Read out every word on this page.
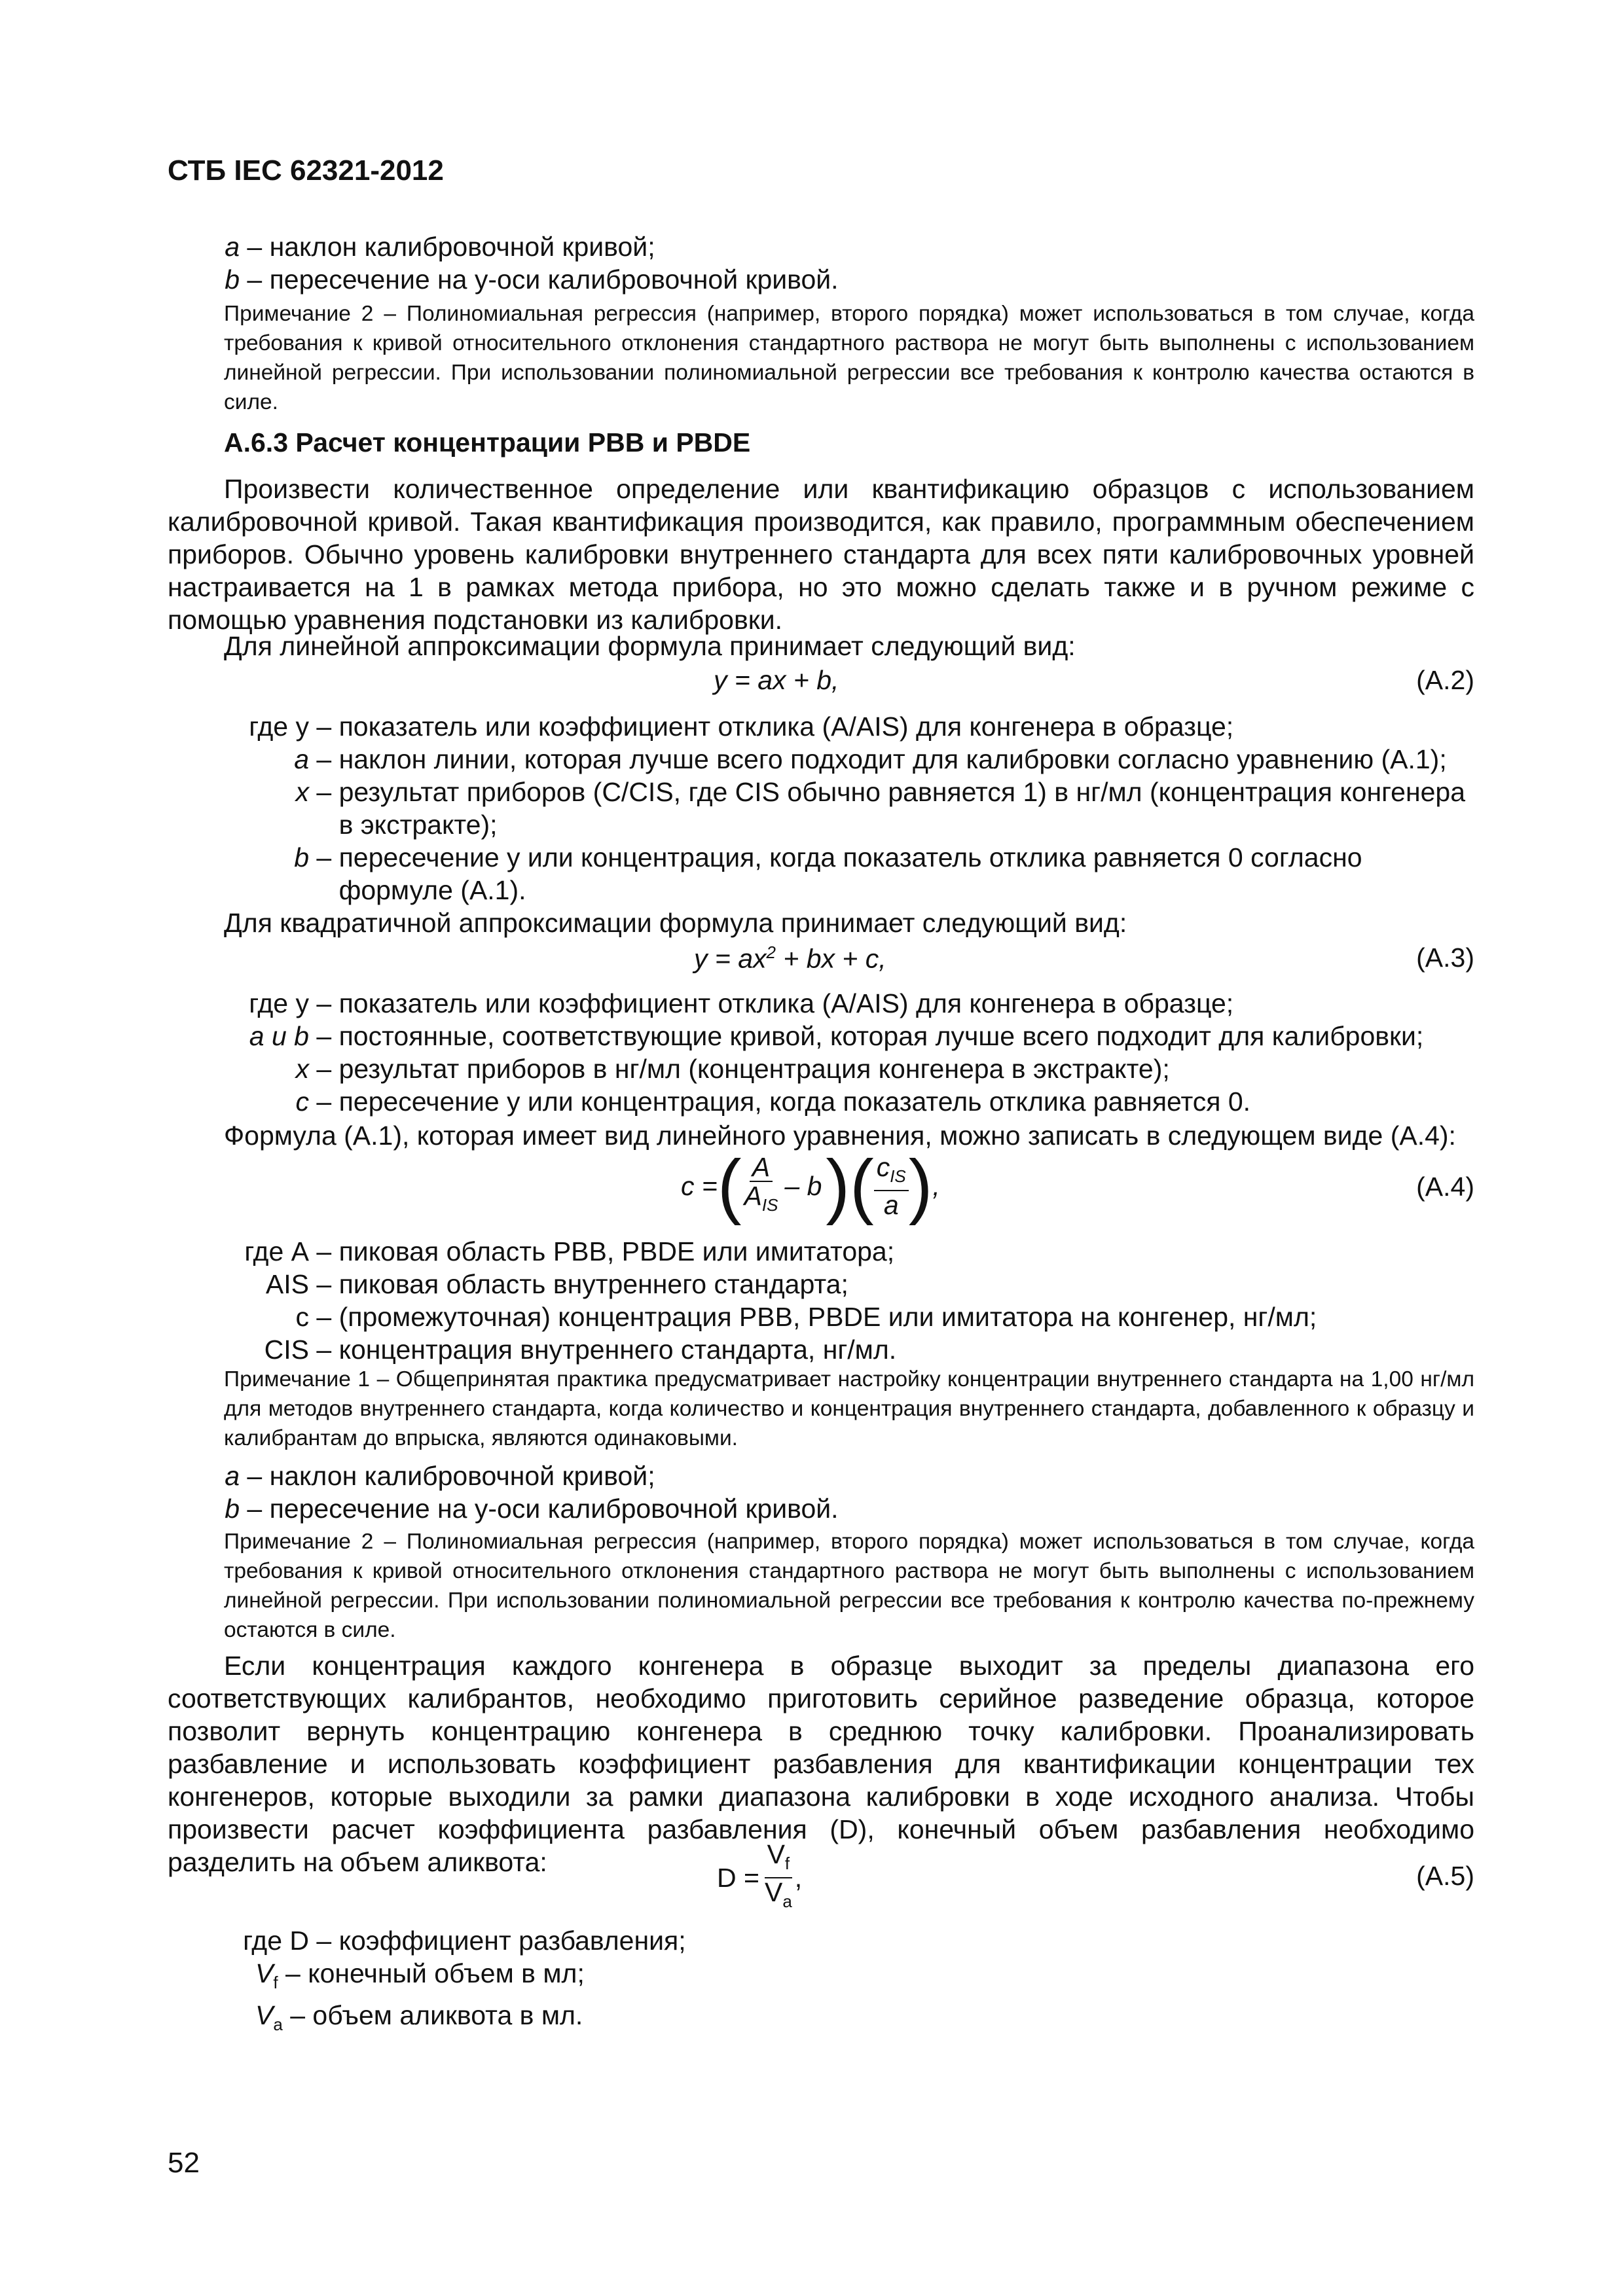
СТБ IEC 62321-2012
a – наклон калибровочной кривой;
b – пересечение на y-оси калибровочной кривой.
Примечание 2 – Полиномиальная регрессия (например, второго порядка) может использоваться в том случае, когда требования к кривой относительного отклонения стандартного раствора не могут быть выполнены с использованием линейной регрессии. При использовании полиномиальной регрессии все требования к контролю качества остаются в силе.
А.6.3 Расчет концентрации PBB и PBDE
Произвести количественное определение или квантификацию образцов с использованием калибровочной кривой. Такая квантификация производится, как правило, программным обеспечением приборов. Обычно уровень калибровки внутреннего стандарта для всех пяти калибровочных уровней настраивается на 1 в рамках метода прибора, но это можно сделать также и в ручном режиме с помощью уравнения подстановки из калибровки.
Для линейной аппроксимации формула принимает следующий вид:
y = ax + b,	(A.2)
где y – показатель или коэффициент отклика (A/AIS) для конгенера в образце;
a – наклон линии, которая лучше всего подходит для калибровки согласно уравнению (А.1);
x – результат приборов (C/CIS, где CIS обычно равняется 1) в нг/мл (концентрация конгенера в экстракте);
b – пересечение у или концентрация, когда показатель отклика равняется 0 согласно формуле (А.1).
Для квадратичной аппроксимации формула принимает следующий вид:
$y = ax^2$ + bx + c,	(A.3)
где y – показатель или коэффициент отклика (A/AIS) для конгенера в образце;
a и b – постоянные, соответствующие кривой, которая лучше всего подходит для калибровки;
x – результат приборов в нг/мл (концентрация конгенера в экстракте);
c – пересечение у или концентрация, когда показатель отклика равняется 0.
Формула (А.1), которая имеет вид линейного уравнения, можно записать в следующем виде (А.4):
c = ( $\frac{A}{A_{IS}}$ – b ) ( $\frac{c_{IS}}{a}$ ) ,	(A.4)
где A – пиковая область PBB, PBDE или имитатора;
AIS – пиковая область внутреннего стандарта;
c – (промежуточная) концентрация PBB, PBDE или имитатора на конгенер, нг/мл;
CIS – концентрация внутреннего стандарта, нг/мл.
Примечание 1 – Общепринятая практика предусматривает настройку концентрации внутреннего стандарта на 1,00 нг/мл для методов внутреннего стандарта, когда количество и концентрация внутреннего стандарта, добавленного к образцу и калибрантам до впрыска, являются одинаковыми.
a – наклон калибровочной кривой;
b – пересечение на у-оси калибровочной кривой.
Примечание 2 – Полиномиальная регрессия (например, второго порядка) может использоваться в том случае, когда требования к кривой относительного отклонения стандартного раствора не могут быть выполнены с использованием линейной регрессии. При использовании полиномиальной регрессии все требования к контролю качества по-прежнему остаются в силе.
Если концентрация каждого конгенера в образце выходит за пределы диапазона его соответствующих калибрантов, необходимо приготовить серийное разведение образца, которое позволит вернуть концентрацию конгенера в среднюю точку калибровки. Проанализировать разбавление и использовать коэффициент разбавления для квантификации концентрации тех конгенеров, которые выходили за рамки диапазона калибровки в ходе исходного анализа. Чтобы произвести расчет коэффициента разбавления (D), конечный объем разбавления необходимо разделить на объем аликвота:
$D = \frac{V_f}{V_a}$ ,	(A.5)
где D – коэффициент разбавления;
$V_f$ – конечный объем в мл;
$V_a$ – объем аликвота в мл.
52
